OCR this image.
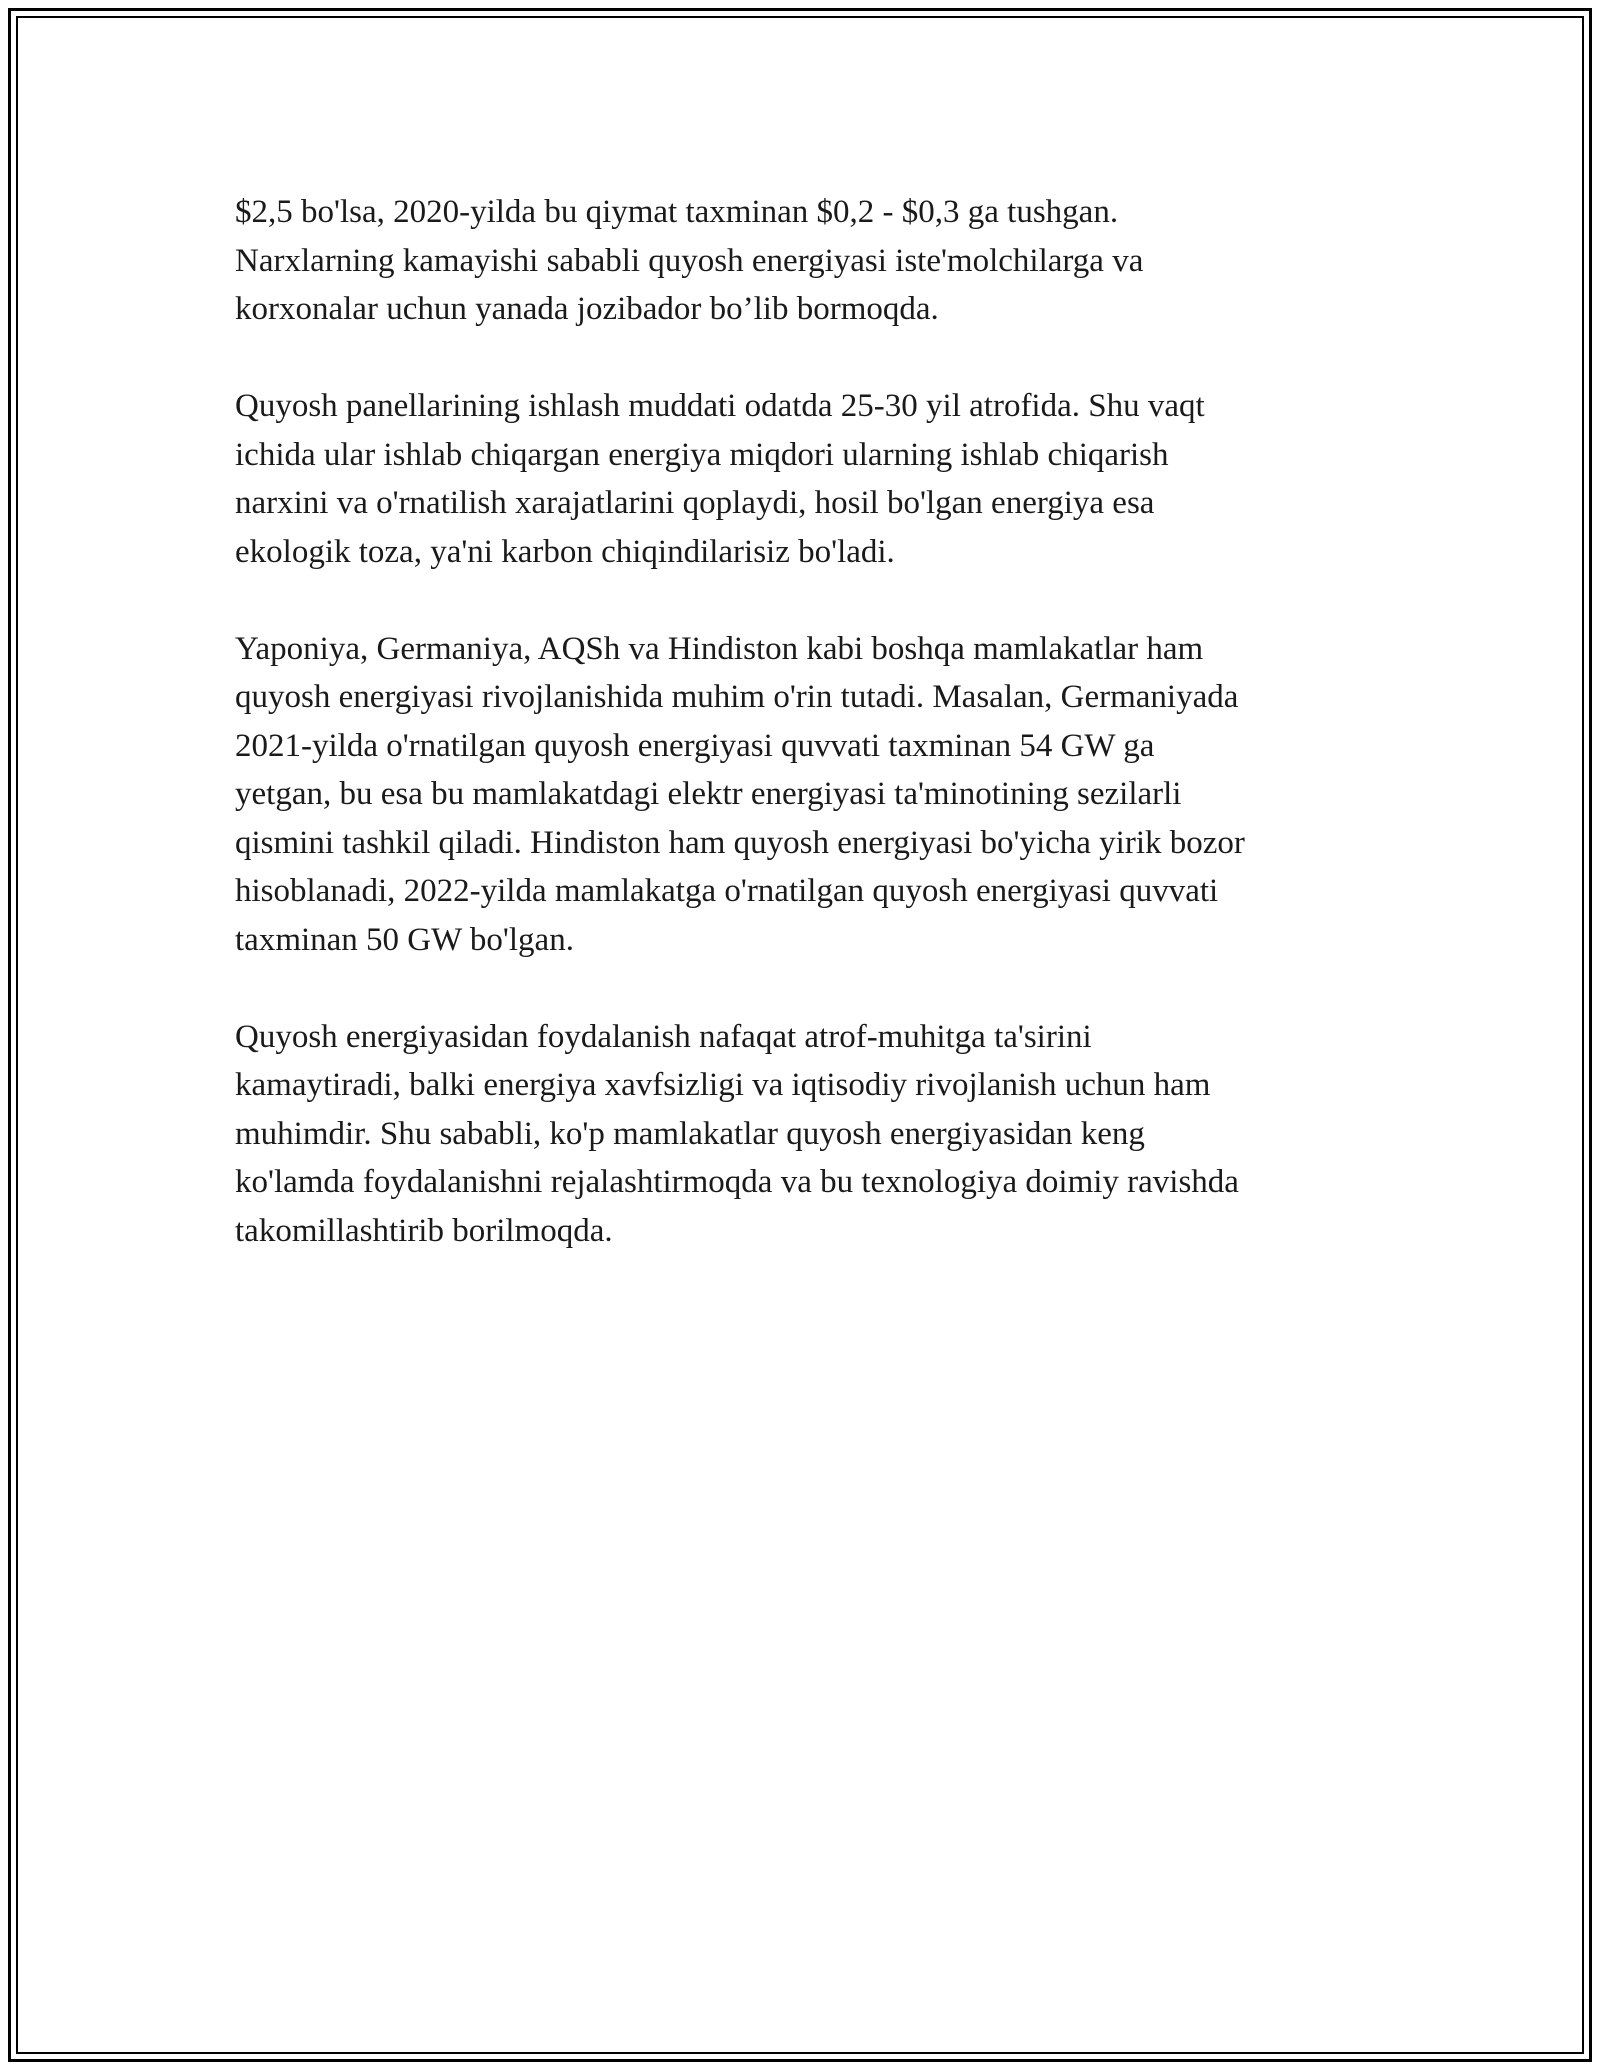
$2,5 bo'lsa, 2020-yilda bu qiymat taxminan $0,2 - $0,3 ga tushgan.
Narxlarning kamayishi sababli quyosh energiyasi iste'molchilarga va
korxonalar uchun yanada jozibador bo’lib bormoqda.

Quyosh panellarining ishlash muddati odatda 25-30 yil atrofida. Shu vaqt
ichida ular ishlab chiqargan energiya miqdori ularning ishlab chiqarish
narxini va o'rnatilish xarajatlarini qoplaydi, hosil bo'lgan energiya esa
ekologik toza, ya'ni karbon chiqindilarisiz bo'ladi.

Yaponiya, Germaniya, AQSh va Hindiston kabi boshqa mamlakatlar ham
quyosh energiyasi rivojlanishida muhim o'rin tutadi. Masalan, Germaniyada
2021-yilda o'rnatilgan quyosh energiyasi quvvati taxminan 54 GW ga
yetgan, bu esa bu mamlakatdagi elektr energiyasi ta'minotining sezilarli
qismini tashkil qiladi. Hindiston ham quyosh energiyasi bo'yicha yirik bozor
hisoblanadi, 2022-yilda mamlakatga o'rnatilgan quyosh energiyasi quvvati
taxminan 50 GW bo'lgan.

Quyosh energiyasidan foydalanish nafaqat atrof-muhitga ta'sirini
kamaytiradi, balki energiya xavfsizligi va iqtisodiy rivojlanish uchun ham
muhimdir. Shu sababli, ko'p mamlakatlar quyosh energiyasidan keng
ko'lamda foydalanishni rejalashtirmoqda va bu texnologiya doimiy ravishda
takomillashtirib borilmoqda.
